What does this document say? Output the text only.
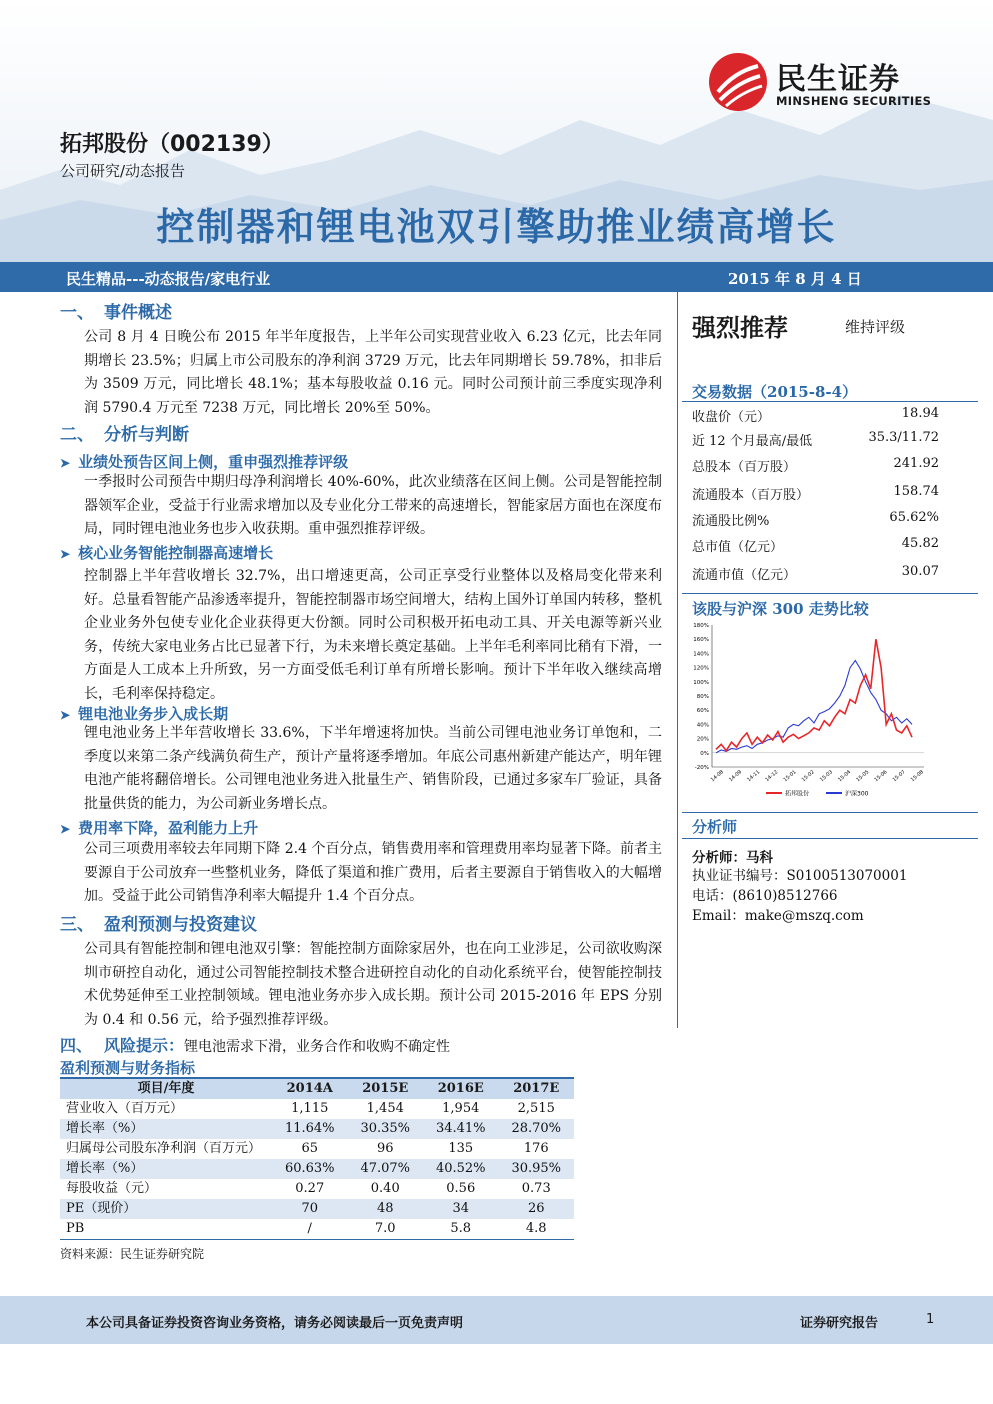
民生证券
MINSHENG SECURITIES
拓邦股份（002139）
公司研究/动态报告
控制器和锂电池双引擎助推业绩高增长
民生精品---动态报告/家电行业	2015 年 8 月 4 日
一、 事件概述
公司 8 月 4 日晚公布 2015 年半年度报告，上半年公司实现营业收入 6.23 亿元，比去年同期增长 23.5%；归属上市公司股东的净利润 3729 万元，比去年同期增长 59.78%，扣非后为 3509 万元，同比增长 48.1%；基本每股收益 0.16 元。同时公司预计前三季度实现净利润 5790.4 万元至 7238 万元，同比增长 20%至 50%。
二、 分析与判断
➤ 业绩处预告区间上侧，重申强烈推荐评级
一季报时公司预告中期归母净利润增长 40%-60%，此次业绩落在区间上侧。公司是智能控制器领军企业，受益于行业需求增加以及专业化分工带来的高速增长，智能家居方面也在深度布局，同时锂电池业务也步入收获期。重申强烈推荐评级。
➤ 核心业务智能控制器高速增长
控制器上半年营收增长 32.7%，出口增速更高，公司正享受行业整体以及格局变化带来利好。总量看智能产品渗透率提升，智能控制器市场空间增大，结构上国外订单国内转移，整机企业业务外包使专业化企业获得更大份额。同时公司积极开拓电动工具、开关电源等新兴业务，传统大家电业务占比已显著下行，为未来增长奠定基础。上半年毛利率同比稍有下滑，一方面是人工成本上升所致，另一方面受低毛利订单有所增长影响。预计下半年收入继续高增长，毛利率保持稳定。
➤ 锂电池业务步入成长期
锂电池业务上半年营收增长 33.6%，下半年增速将加快。当前公司锂电池业务订单饱和，二季度以来第二条产线满负荷生产，预计产量将逐季增加。年底公司惠州新建产能达产，明年锂电池产能将翻倍增长。公司锂电池业务进入批量生产、销售阶段，已通过多家车厂验证，具备批量供货的能力，为公司新业务增长点。
➤ 费用率下降，盈利能力上升
公司三项费用率较去年同期下降 2.4 个百分点，销售费用率和管理费用率均显著下降。前者主要源自于公司放弃一些整机业务，降低了渠道和推广费用，后者主要源自于销售收入的大幅增加。受益于此公司销售净利率大幅提升 1.4 个百分点。
三、 盈利预测与投资建议
公司具有智能控制和锂电池双引擎：智能控制方面除家居外，也在向工业涉足，公司欲收购深圳市研控自动化，通过公司智能控制技术整合进研控自动化的自动化系统平台，使智能控制技术优势延伸至工业控制领域。锂电池业务亦步入成长期。预计公司 2015-2016 年 EPS 分别为 0.4 和 0.56 元，给予强烈推荐评级。
四、 风险提示：锂电池需求下滑，业务合作和收购不确定性
强烈推荐	维持评级
交易数据（2015-8-4）
收盘价（元）	18.94
近 12 个月最高/最低	35.3/11.72
总股本（百万股）	241.92
流通股本（百万股）	158.74
流通股比例%	65.62%
总市值（亿元）	45.82
流通市值（亿元）	30.07
该股与沪深 300 走势比较
180%
160%
140%
120%
100%
80%
60%
40%
20%
0%
-20%
14-08 14-09 14-11 14-12 15-01 15-02 15-03 15-04 15-05 15-06 15-07 15-08
拓邦股份	沪深300
分析师
分析师：马科
执业证书编号：S0100513070001
电话：(8610)8512766
Email：make@mszq.com
盈利预测与财务指标
项目/年度	2014A	2015E	2016E	2017E
营业收入（百万元）	1,115	1,454	1,954	2,515
增长率（%）	11.64%	30.35%	34.41%	28.70%
归属母公司股东净利润（百万元）	65	96	135	176
增长率（%）	60.63%	47.07%	40.52%	30.95%
每股收益（元）	0.27	0.40	0.56	0.73
PE（现价）	70	48	34	26
PB	/	7.0	5.8	4.8
资料来源：民生证券研究院
本公司具备证券投资咨询业务资格，请务必阅读最后一页免责声明	证券研究报告	1
